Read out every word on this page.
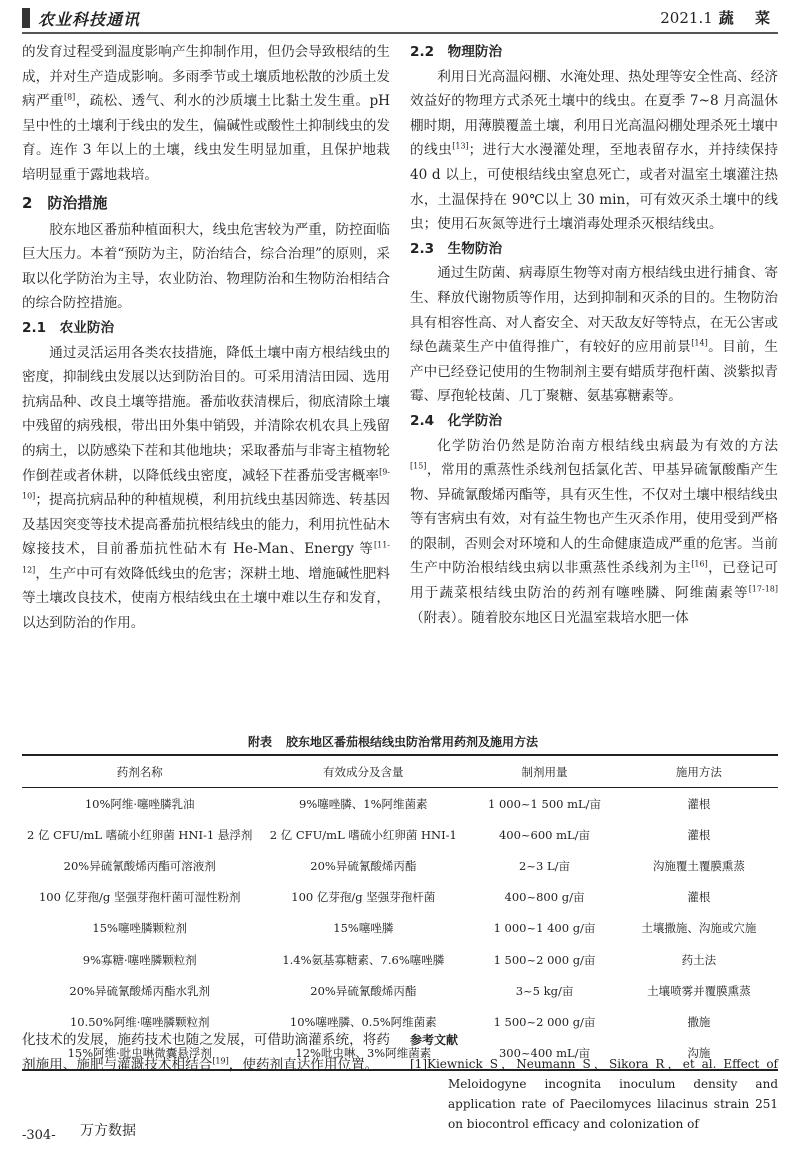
农业科技通讯	2021.1 蔬 菜

的发育过程受到温度影响产生抑制作用，但仍会导致根结的生成，并对生产造成影响。多雨季节或土壤质地松散的沙质土发病严重[8]，疏松、透气、利水的沙质壤土比黏土发生重。pH 呈中性的土壤利于线虫的发生，偏碱性或酸性土抑制线虫的发育。连作 3 年以上的土壤，线虫发生明显加重，且保护地栽培明显重于露地栽培。

2　防治措施

胶东地区番茄种植面积大，线虫危害较为严重，防控面临巨大压力。本着“预防为主，防治结合，综合治理”的原则，采取以化学防治为主导，农业防治、物理防治和生物防治相结合的综合防控措施。

2.1　农业防治

通过灵活运用各类农技措施，降低土壤中南方根结线虫的密度，抑制线虫发展以达到防治目的。可采用清洁田园、选用抗病品种、改良土壤等措施。番茄收获清棵后，彻底清除土壤中残留的病残根，带出田外集中销毁，并清除农机农具上残留的病土，以防感染下茬和其他地块；采取番茄与非寄主植物轮作倒茬或者休耕，以降低线虫密度，减轻下茬番茄受害概率[9-10]；提高抗病品种的种植规模，利用抗线虫基因筛选、转基因及基因突变等技术提高番茄抗根结线虫的能力，利用抗性砧木嫁接技术，目前番茄抗性砧木有 He-Man、Energy 等[11-12]，生产中可有效降低线虫的危害；深耕土地、增施碱性肥料等土壤改良技术，使南方根结线虫在土壤中难以生存和发育，以达到防治的作用。

2.2　物理防治

利用日光高温闷棚、水淹处理、热处理等安全性高、经济效益好的物理方式杀死土壤中的线虫。在夏季 7~8 月高温休棚时期，用薄膜覆盖土壤，利用日光高温闷棚处理杀死土壤中的线虫[13]；进行大水漫灌处理，至地表留存水，并持续保持 40 d 以上，可使根结线虫窒息死亡，或者对温室土壤灌注热水，土温保持在 90℃以上 30 min，可有效灭杀土壤中的线虫；使用石灰氮等进行土壤消毒处理杀灭根结线虫。

2.3　生物防治

通过生防菌、病毒原生物等对南方根结线虫进行捕食、寄生、释放代谢物质等作用，达到抑制和灭杀的目的。生物防治具有相容性高、对人畜安全、对天敌友好等特点，在无公害或绿色蔬菜生产中值得推广，有较好的应用前景[14]。目前，生产中已经登记使用的生物制剂主要有蜡质芽孢杆菌、淡紫拟青霉、厚孢轮枝菌、几丁聚糖、氨基寡糖素等。

2.4　化学防治

化学防治仍然是防治南方根结线虫病最为有效的方法[15]，常用的熏蒸性杀线剂包括氯化苦、甲基异硫氰酸酯产生物、异硫氰酸烯丙酯等，具有灭生性，不仅对土壤中根结线虫等有害病虫有效，对有益生物也产生灭杀作用，使用受到严格的限制，否则会对环境和人的生命健康造成严重的危害。当前生产中防治根结线虫病以非熏蒸性杀线剂为主[16]，已登记可用于蔬菜根结线虫防治的药剂有噻唑膦、阿维菌素等[17-18]（附表）。随着胶东地区日光温室栽培水肥一体

附表 胶东地区番茄根结线虫防治常用药剂及施用方法
药剂名称	有效成分及含量	制剂用量	施用方法
10%阿维·噻唑膦乳油	9%噻唑膦、1%阿维菌素	1 000~1 500 mL/亩	灌根
2 亿 CFU/mL 嗜硫小红卵菌 HNI-1 悬浮剂	2 亿 CFU/mL 嗜硫小红卵菌 HNI-1	400~600 mL/亩	灌根
20%异硫氰酸烯丙酯可溶液剂	20%异硫氰酸烯丙酯	2~3 L/亩	沟施覆土覆膜熏蒸
100 亿芽孢/g 坚强芽孢杆菌可湿性粉剂	100 亿芽孢/g 坚强芽孢杆菌	400~800 g/亩	灌根
15%噻唑膦颗粒剂	15%噻唑膦	1 000~1 400 g/亩	土壤撒施、沟施或穴施
9%寡糖·噻唑膦颗粒剂	1.4%氨基寡糖素、7.6%噻唑膦	1 500~2 000 g/亩	药土法
20%异硫氰酸烯丙酯水乳剂	20%异硫氰酸烯丙酯	3~5 kg/亩	土壤喷雾并覆膜熏蒸
10.50%阿维·噻唑膦颗粒剂	10%噻唑膦、0.5%阿维菌素	1 500~2 000 g/亩	撒施
15%阿维·吡虫啉微囊悬浮剂	12%吡虫啉、3%阿维菌素	300~400 mL/亩	沟施

化技术的发展，施药技术也随之发展，可借助滴灌系统，将药剂施用、施肥与灌溉技术相结合[19]，使药剂直达作用位置。

参考文献
[1]Kiewnick S，Neumann S，Sikora R，et al. Effect of Meloidogyne incognita inoculum density and application rate of Paecilomyces lilacinus strain 251 on biocontrol efficacy and colonization of
-304- 万方数据
